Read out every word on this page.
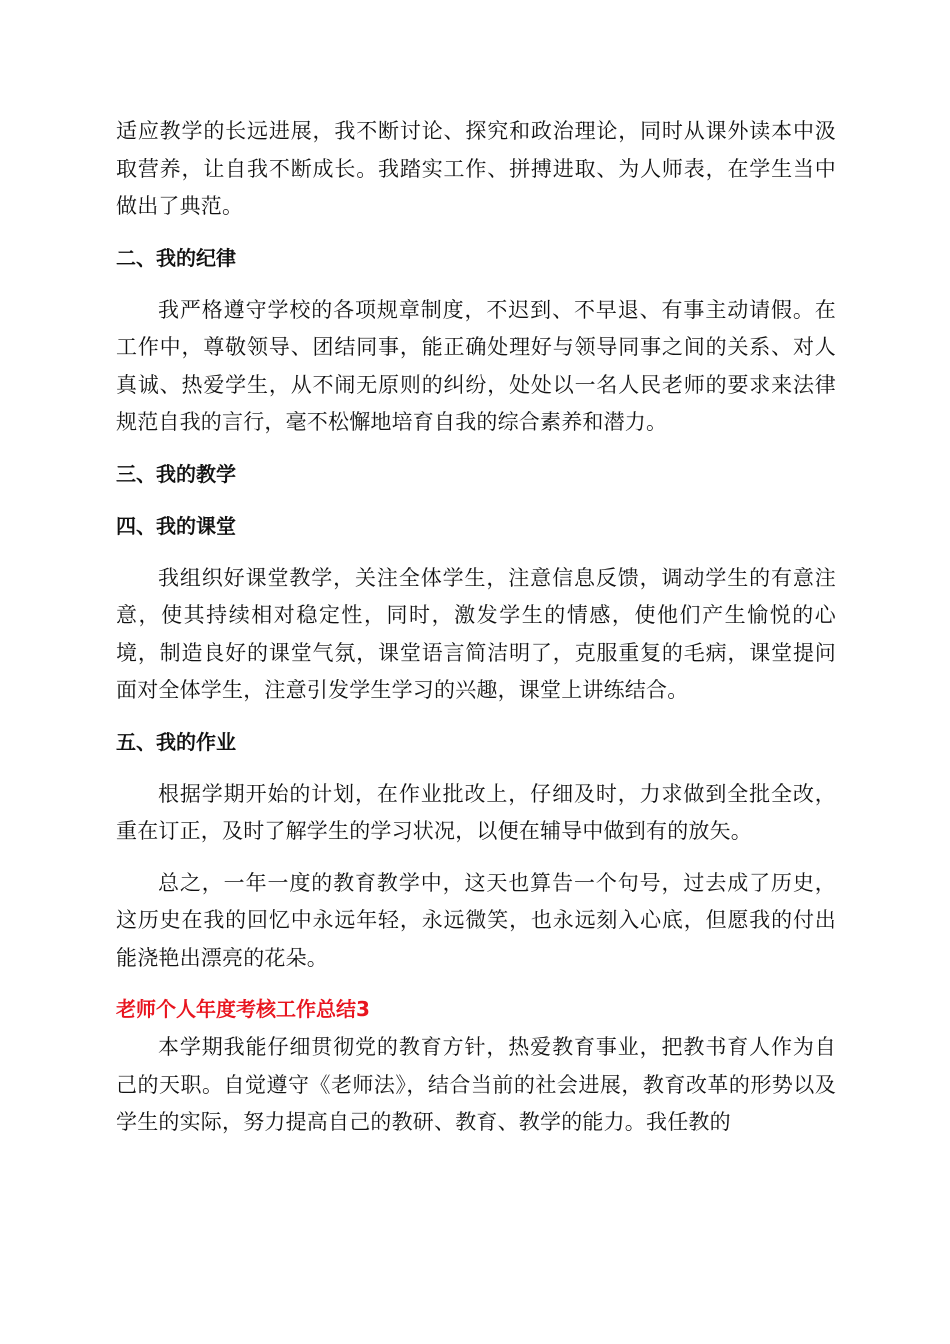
适应教学的长远进展，我不断讨论、探究和政治理论，同时从课外读本中汲取营养，让自我不断成长。我踏实工作、拼搏进取、为人师表，在学生当中做出了典范。

二、我的纪律

我严格遵守学校的各项规章制度，不迟到、不早退、有事主动请假。在工作中，尊敬领导、团结同事，能正确处理好与领导同事之间的关系、对人真诚、热爱学生，从不闹无原则的纠纷，处处以一名人民老师的要求来法律规范自我的言行，毫不松懈地培育自我的综合素养和潜力。

三、我的教学
四、我的课堂

我组织好课堂教学，关注全体学生，注意信息反馈，调动学生的有意注意，使其持续相对稳定性，同时，激发学生的情感，使他们产生愉悦的心境，制造良好的课堂气氛，课堂语言简洁明了，克服重复的毛病，课堂提问面对全体学生，注意引发学生学习的兴趣，课堂上讲练结合。

五、我的作业

根据学期开始的计划，在作业批改上，仔细及时，力求做到全批全改，重在订正，及时了解学生的学习状况，以便在辅导中做到有的放矢。

总之，一年一度的教育教学中，这天也算告一个句号，过去成了历史，这历史在我的回忆中永远年轻，永远微笑，也永远刻入心底，但愿我的付出能浇艳出漂亮的花朵。

老师个人年度考核工作总结3

本学期我能仔细贯彻党的教育方针，热爱教育事业，把教书育人作为自己的天职。自觉遵守《老师法》，结合当前的社会进展，教育改革的形势以及学生的实际，努力提高自己的教研、教育、教学的能力。我任教的
